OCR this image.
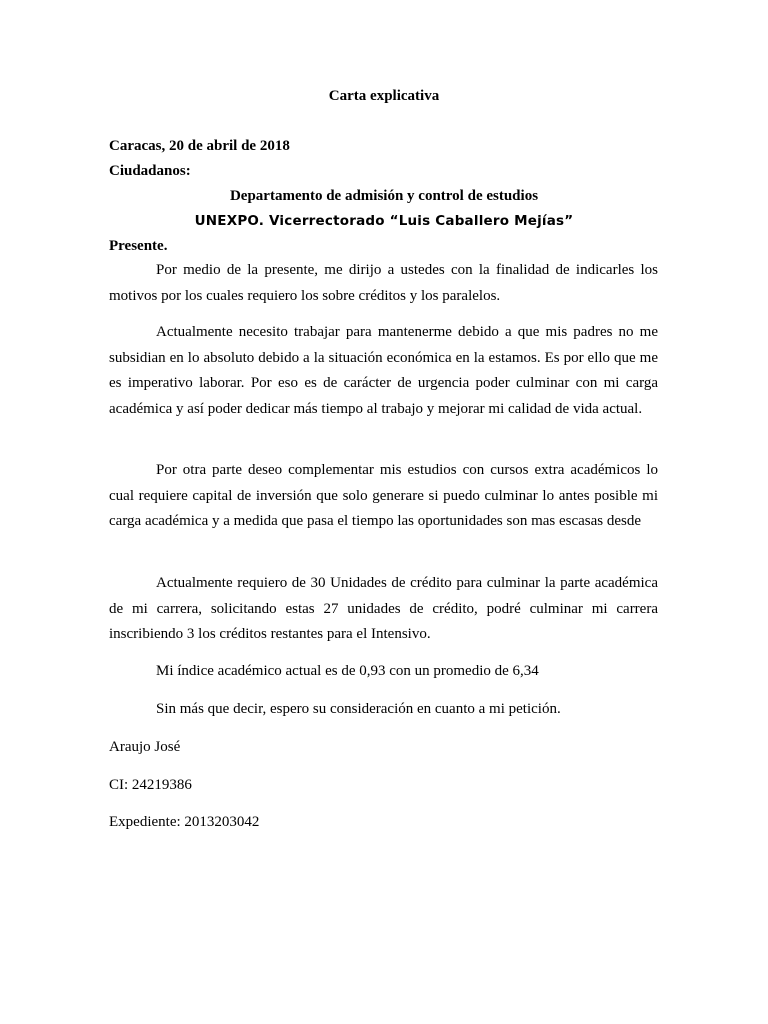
Carta explicativa
Caracas, 20 de abril de 2018
Ciudadanos:
Departamento de admisión y control de estudios
UNEXPO. Vicerrectorado “Luis Caballero Mejías”
Presente.

Por medio de la presente, me dirijo a ustedes con la finalidad de indicarles los motivos por los cuales requiero los sobre créditos y los paralelos.

Actualmente necesito trabajar para mantenerme debido a que mis padres no me subsidian en lo absoluto debido a la situación económica en la estamos. Es por ello que me es imperativo laborar. Por eso es de carácter de urgencia poder culminar con mi carga académica y así poder dedicar más tiempo al trabajo y mejorar mi calidad de vida actual.

Por otra parte deseo complementar mis estudios con cursos extra académicos lo cual requiere capital de inversión que solo generare si puedo culminar lo antes posible mi carga académica y a medida que pasa el tiempo las oportunidades son mas escasas desde

Actualmente requiero de 30 Unidades de crédito para culminar la parte académica de mi carrera, solicitando estas 27 unidades de crédito, podré culminar mi carrera inscribiendo 3 los créditos restantes para el Intensivo.

Mi índice académico actual es de 0,93 con un promedio de 6,34

Sin más que decir, espero su consideración en cuanto a mi petición.

Araujo José
CI: 24219386
Expediente: 2013203042
